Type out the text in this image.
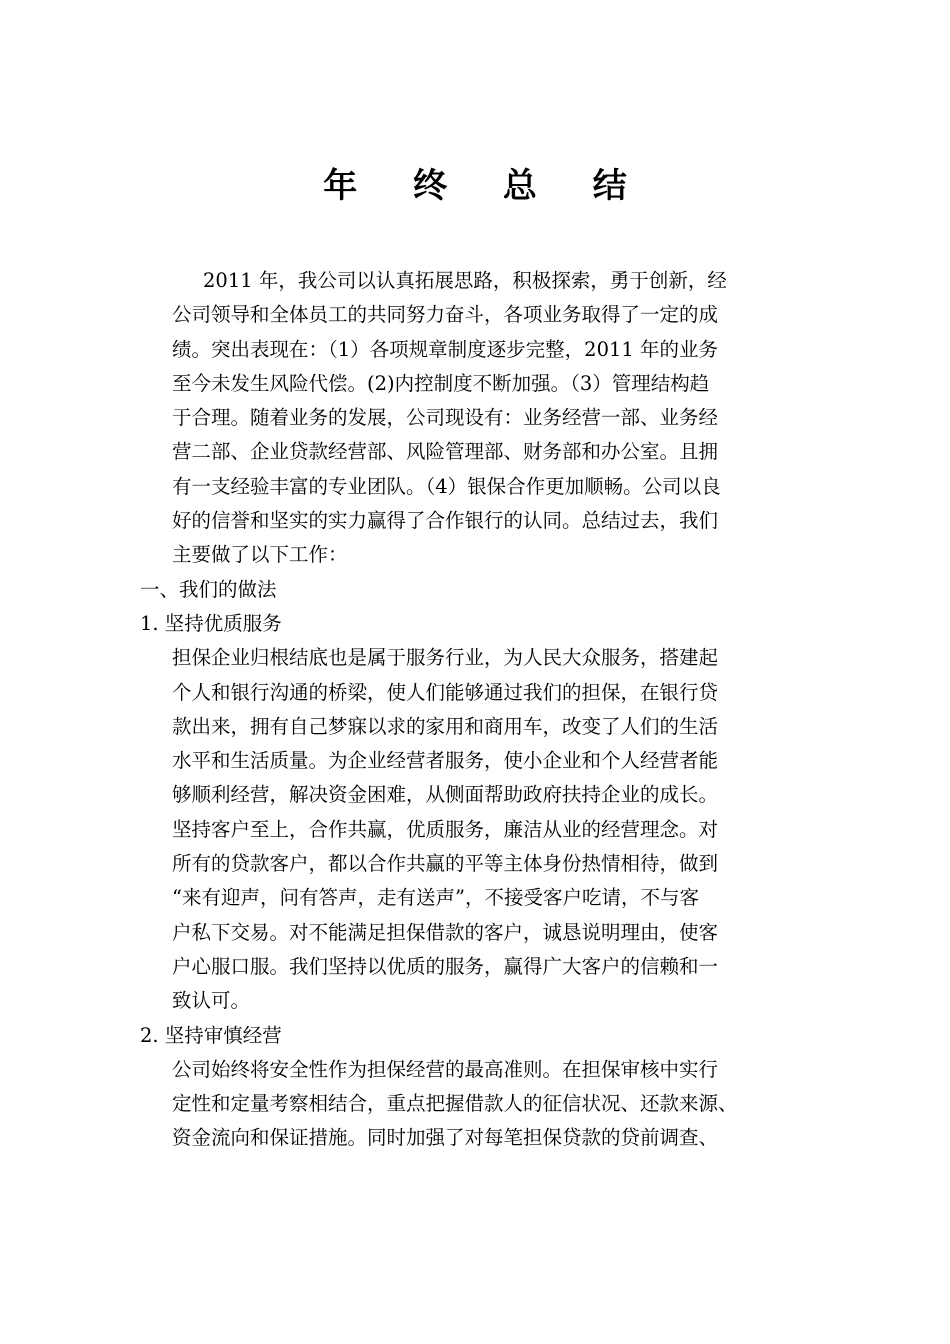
年 终 总 结
2011 年，我公司以认真拓展思路，积极探索，勇于创新，经
公司领导和全体员工的共同努力奋斗，各项业务取得了一定的成
绩。突出表现在：（1）各项规章制度逐步完整，2011 年的业务
至今未发生风险代偿。(2)内控制度不断加强。（3）管理结构趋
于合理。随着业务的发展，公司现设有：业务经营一部、业务经
营二部、企业贷款经营部、风险管理部、财务部和办公室。且拥
有一支经验丰富的专业团队。（4）银保合作更加顺畅。公司以良
好的信誉和坚实的实力赢得了合作银行的认同。总结过去，我们
主要做了以下工作：
一、我们的做法
1. 坚持优质服务
担保企业归根结底也是属于服务行业，为人民大众服务，搭建起
个人和银行沟通的桥梁，使人们能够通过我们的担保，在银行贷
款出来，拥有自己梦寐以求的家用和商用车，改变了人们的生活
水平和生活质量。为企业经营者服务，使小企业和个人经营者能
够顺利经营，解决资金困难，从侧面帮助政府扶持企业的成长。
坚持客户至上，合作共赢，优质服务，廉洁从业的经营理念。对
所有的贷款客户，都以合作共赢的平等主体身份热情相待，做到
“来有迎声，问有答声，走有送声”，不接受客户吃请，不与客
户私下交易。对不能满足担保借款的客户，诚恳说明理由，使客
户心服口服。我们坚持以优质的服务，赢得广大客户的信赖和一
致认可。
2. 坚持审慎经营
公司始终将安全性作为担保经营的最高准则。在担保审核中实行
定性和定量考察相结合，重点把握借款人的征信状况、还款来源、
资金流向和保证措施。同时加强了对每笔担保贷款的贷前调查、
